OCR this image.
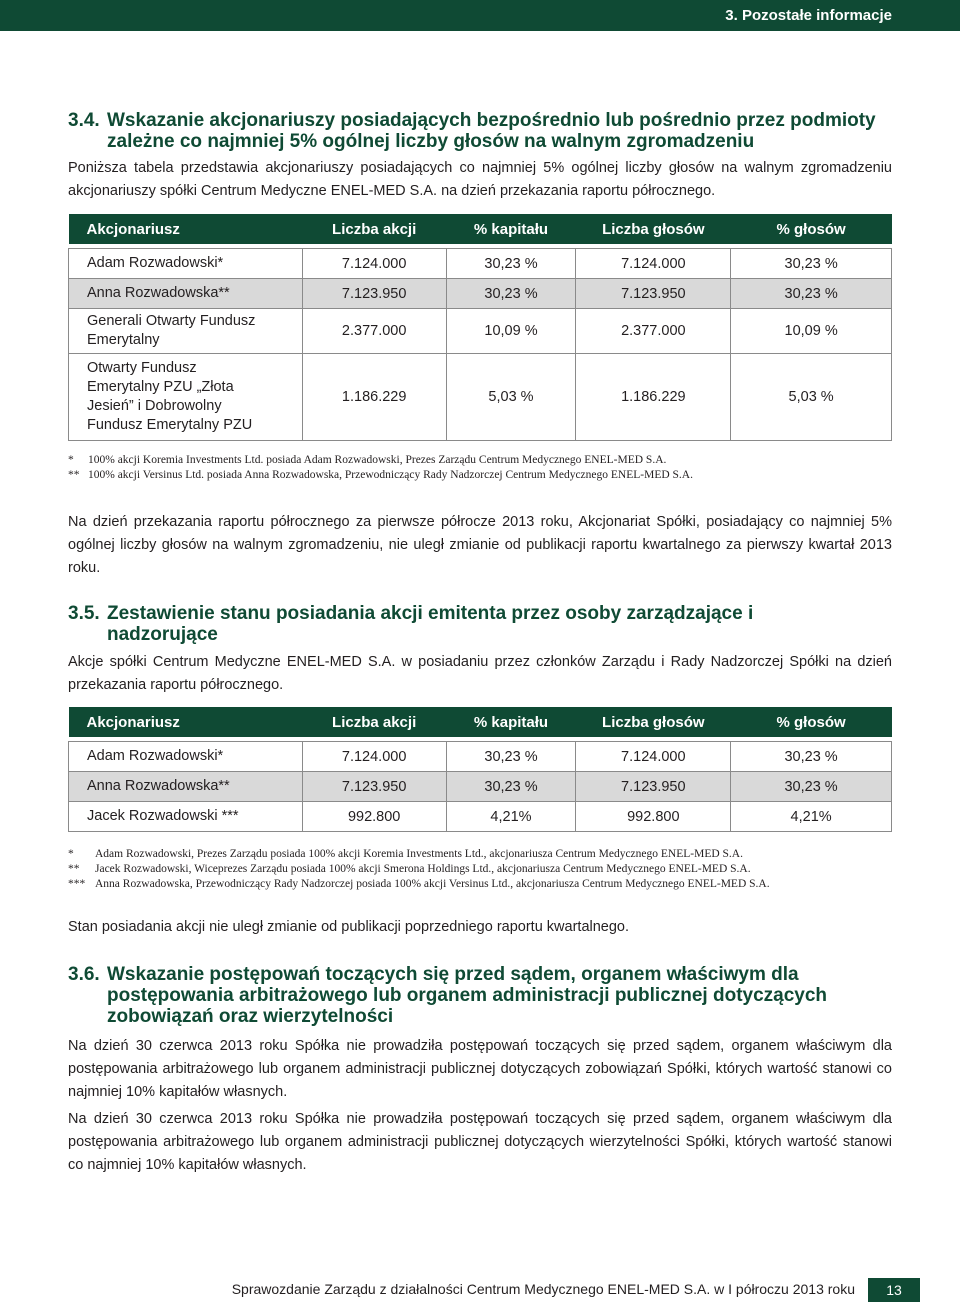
3. Pozostałe informacje
3.4. Wskazanie akcjonariuszy posiadających bezpośrednio lub pośrednio przez podmioty zależne co najmniej 5% ogólnej liczby głosów na walnym zgromadzeniu

Poniższa tabela przedstawia akcjonariuszy posiadających co najmniej 5% ogólnej liczby głosów na walnym zgromadzeniu akcjonariuszy spółki Centrum Medyczne ENEL-MED S.A. na dzień przekazania raportu półrocznego.

Akcjonariusz	Liczba akcji	% kapitału	Liczba głosów	% głosów

Adam Rozwadowski*	7.124.000	30,23 %	7.124.000	30,23 %
Anna Rozwadowska**	7.123.950	30,23 %	7.123.950	30,23 %
Generali Otwarty Fundusz Emerytalny	2.377.000	10,09 %	2.377.000	10,09 %
Otwarty Fundusz Emerytalny PZU „Złota Jesień” i Dobrowolny Fundusz Emerytalny PZU	1.186.229	5,03 %	1.186.229	5,03 %
*	100% akcji Koremia Investments Ltd. posiada Adam Rozwadowski, Prezes Zarządu Centrum Medycznego ENEL-MED S.A.
** 100% akcji Versinus Ltd. posiada Anna Rozwadowska, Przewodniczący Rady Nadzorczej Centrum Medycznego ENEL-MED S.A.

Na dzień przekazania raportu półrocznego za pierwsze półrocze 2013 roku, Akcjonariat Spółki, posiadający co najmniej 5% ogólnej liczby głosów na walnym zgromadzeniu, nie uległ zmianie od publikacji raportu kwartalnego za pierwszy kwartał 2013 roku.

3.5. Zestawienie stanu posiadania akcji emitenta przez osoby zarządzające i nadzorujące

Akcje spółki Centrum Medyczne ENEL-MED S.A. w posiadaniu przez członków Zarządu i Rady Nadzorczej Spółki na dzień przekazania raportu półrocznego.

Akcjonariusz	Liczba akcji	% kapitału	Liczba głosów	% głosów

Adam Rozwadowski*	7.124.000	30,23 %	7.124.000	30,23 %
Anna Rozwadowska**	7.123.950	30,23 %	7.123.950	30,23 %
Jacek Rozwadowski ***	992.800	4,21%	992.800	4,21%
*	Adam Rozwadowski, Prezes Zarządu posiada 100% akcji Koremia Investments Ltd., akcjonariusza Centrum Medycznego ENEL-MED S.A.
**	Jacek Rozwadowski, Wiceprezes Zarządu posiada 100% akcji Smerona Holdings Ltd., akcjonariusza Centrum Medycznego ENEL-MED S.A.
*** Anna Rozwadowska, Przewodniczący Rady Nadzorczej posiada 100% akcji Versinus Ltd., akcjonariusza Centrum Medycznego ENEL-MED S.A.

Stan posiadania akcji nie uległ zmianie od publikacji poprzedniego raportu kwartalnego.

3.6. Wskazanie postępowań toczących się przed sądem, organem właściwym dla postępowania arbitrażowego lub organem administracji publicznej dotyczących zobowiązań oraz wierzytelności

Na dzień 30 czerwca 2013 roku Spółka nie prowadziła postępowań toczących się przed sądem, organem właściwym dla postępowania arbitrażowego lub organem administracji publicznej dotyczących zobowiązań Spółki, których wartość stanowi co najmniej 10% kapitałów własnych.

Na dzień 30 czerwca 2013 roku Spółka nie prowadziła postępowań toczących się przed sądem, organem właściwym dla postępowania arbitrażowego lub organem administracji publicznej dotyczących wierzytelności Spółki, których wartość stanowi co najmniej 10% kapitałów własnych.

Sprawozdanie Zarządu z działalności Centrum Medycznego ENEL-MED S.A. w I półroczu 2013 roku	13
